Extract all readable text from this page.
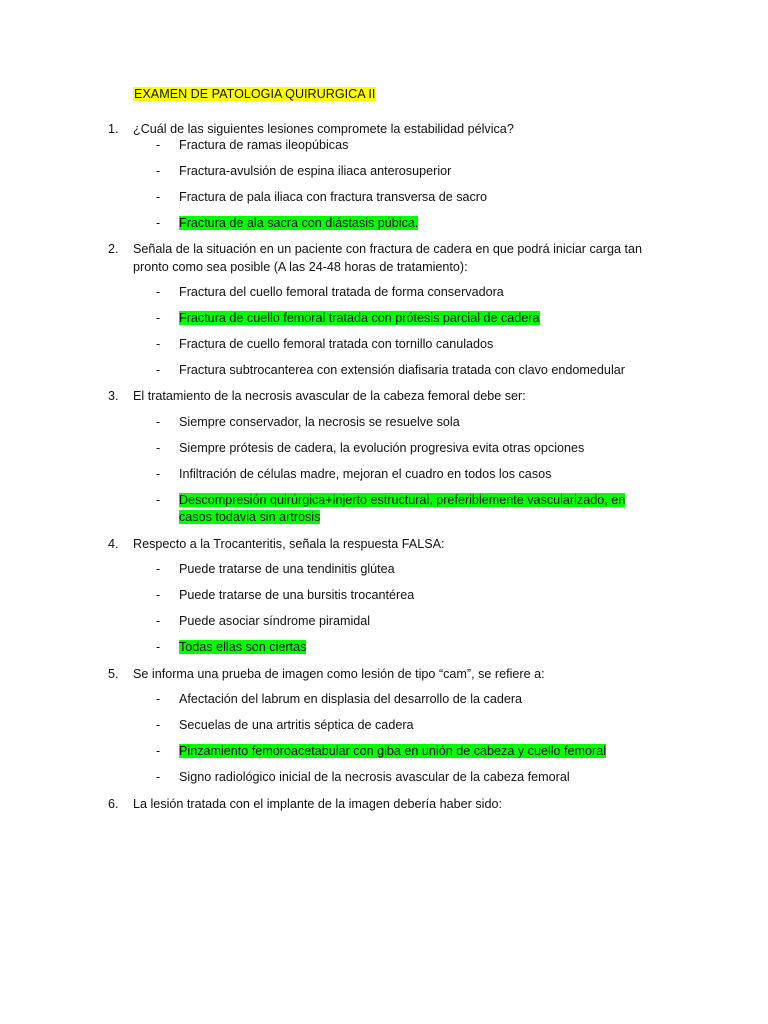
EXAMEN DE PATOLOGIA QUIRURGICA II
1.	¿Cuál de las siguientes lesiones compromete la estabilidad pélvica?
-	Fractura de ramas ileopúbicas
-	Fractura-avulsión de espina iliaca anterosuperior
-	Fractura de pala iliaca con fractura transversa de sacro
-	Fractura de ala sacra con diástasis púbica.
2.	Señala de la situación en un paciente con fractura de cadera en que podrá iniciar carga tan pronto como sea posible (A las 24-48 horas de tratamiento):
-	Fractura del cuello femoral tratada de forma conservadora
-	Fractura de cuello femoral tratada con prótesis parcial de cadera
-	Fractura de cuello femoral tratada con tornillo canulados
-	Fractura subtrocanterea con extensión diafisaria tratada con clavo endomedular
3.	El tratamiento de la necrosis avascular de la cabeza femoral debe ser:
-	Siempre conservador, la necrosis se resuelve sola
-	Siempre prótesis de cadera, la evolución progresiva evita otras opciones
-	Infiltración de células madre, mejoran el cuadro en todos los casos
-	Descompresión quirúrgica+injerto estructural, preferiblemente vascularizado, en casos todavia sin artrosis
4.	Respecto a la Trocanteritis, señala la respuesta FALSA:
-	Puede tratarse de una tendinitis glútea
-	Puede tratarse de una bursitis trocantérea
-	Puede asociar síndrome piramidal
-	Todas ellas son ciertas
5.	Se informa una prueba de imagen como lesión de tipo “cam”, se refiere a:
-	Afectación del labrum en displasia del desarrollo de la cadera
-	Secuelas de una artritis séptica de cadera
-	Pinzamiento femoroacetabular con giba en unión de cabeza y cuello femoral
-	Signo radiológico inicial de la necrosis avascular de la cabeza femoral
6.	La lesión tratada con el implante de la imagen debería haber sido:
